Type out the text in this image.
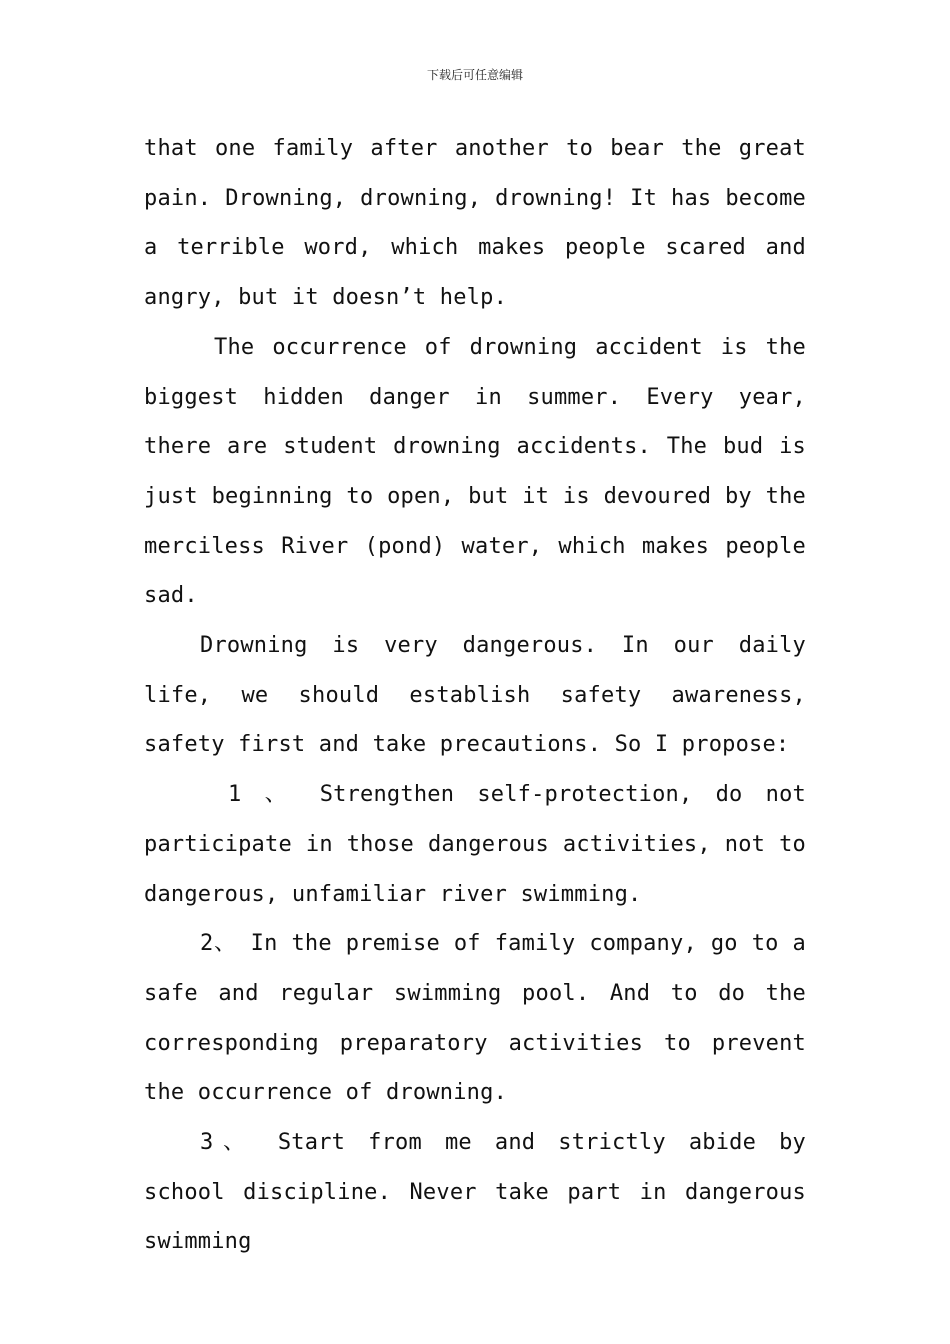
下载后可任意编辑

that one family after another to bear the great pain. Drowning, drowning, drowning! It has become a terrible word, which makes people scared and angry, but it doesn’t help.

The occurrence of drowning accident is the biggest hidden danger in summer. Every year, there are student drowning accidents. The bud is just beginning to open, but it is devoured by the merciless River (pond) water, which makes people sad.

Drowning is very dangerous. In our daily life, we should establish safety awareness, safety first and take precautions. So I propose:

1 、 Strengthen self-protection, do not participate in those dangerous activities, not to dangerous, unfamiliar river swimming.

2、 In the premise of family company, go to a safe and regular swimming pool. And to do the corresponding preparatory activities to prevent the occurrence of drowning.

3、 Start from me and strictly abide by school discipline. Never take part in dangerous swimming
